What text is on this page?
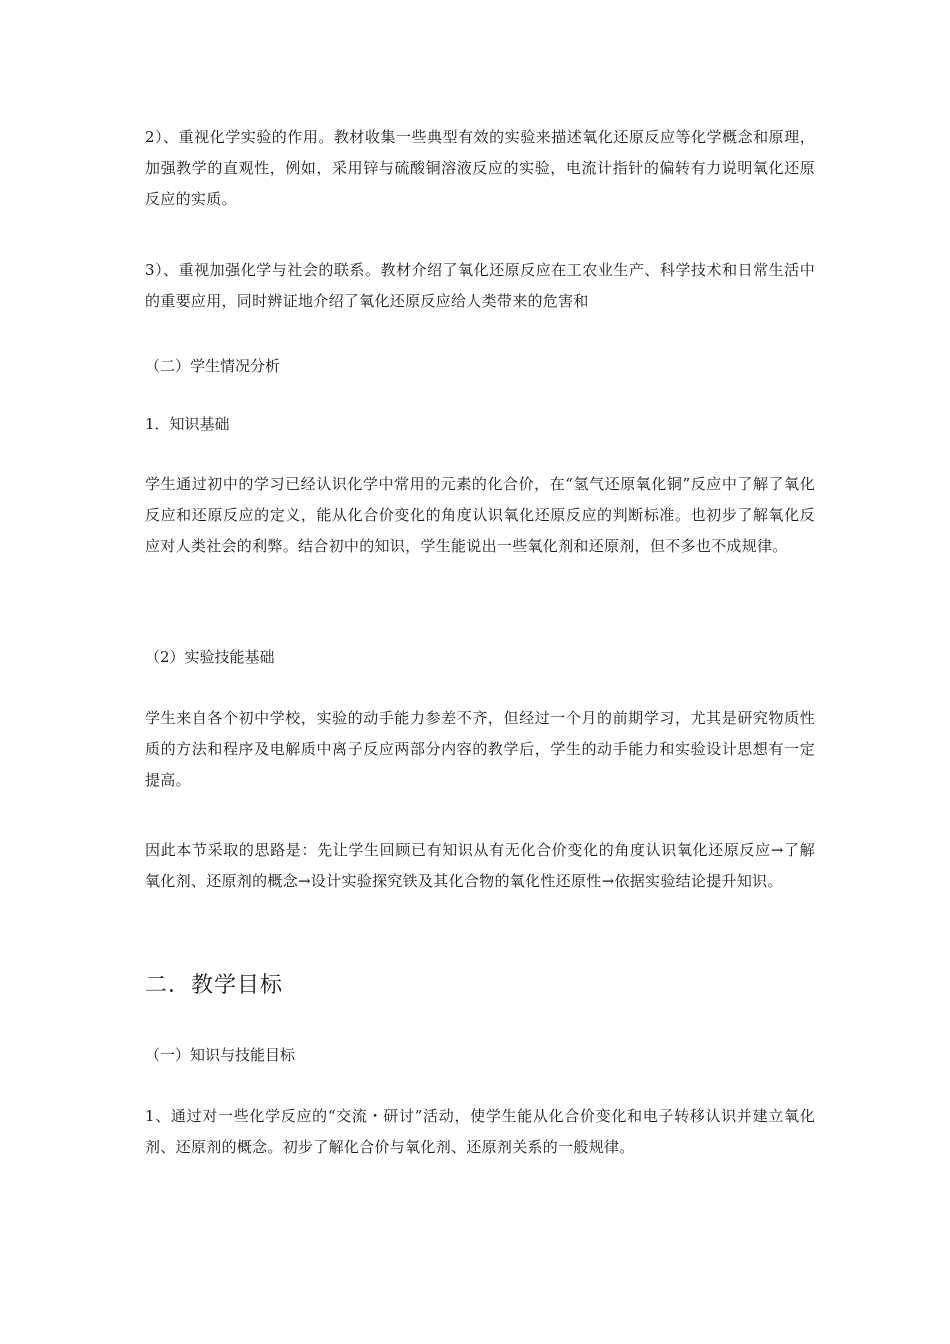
2）、重视化学实验的作用。教材收集一些典型有效的实验来描述氧化还原反应等化学概念和原理，加强教学的直观性，例如，采用锌与硫酸铜溶液反应的实验，电流计指针的偏转有力说明氧化还原反应的实质。

3）、重视加强化学与社会的联系。教材介绍了氧化还原反应在工农业生产、科学技术和日常生活中的重要应用，同时辨证地介绍了氧化还原反应给人类带来的危害和

（二）学生情况分析

1．知识基础

学生通过初中的学习已经认识化学中常用的元素的化合价，在“氢气还原氧化铜”反应中了解了氧化反应和还原反应的定义，能从化合价变化的角度认识氧化还原反应的判断标准。也初步了解氧化反应对人类社会的利弊。结合初中的知识，学生能说出一些氧化剂和还原剂，但不多也不成规律。

（2）实验技能基础

学生来自各个初中学校，实验的动手能力参差不齐，但经过一个月的前期学习，尤其是研究物质性质的方法和程序及电解质中离子反应两部分内容的教学后，学生的动手能力和实验设计思想有一定提高。

因此本节采取的思路是：先让学生回顾已有知识从有无化合价变化的角度认识氧化还原反应→了解氧化剂、还原剂的概念→设计实验探究铁及其化合物的氧化性还原性→依据实验结论提升知识。

二．教学目标

（一）知识与技能目标

1、通过对一些化学反应的“交流・研讨”活动，使学生能从化合价变化和电子转移认识并建立氧化剂、还原剂的概念。初步了解化合价与氧化剂、还原剂关系的一般规律。
